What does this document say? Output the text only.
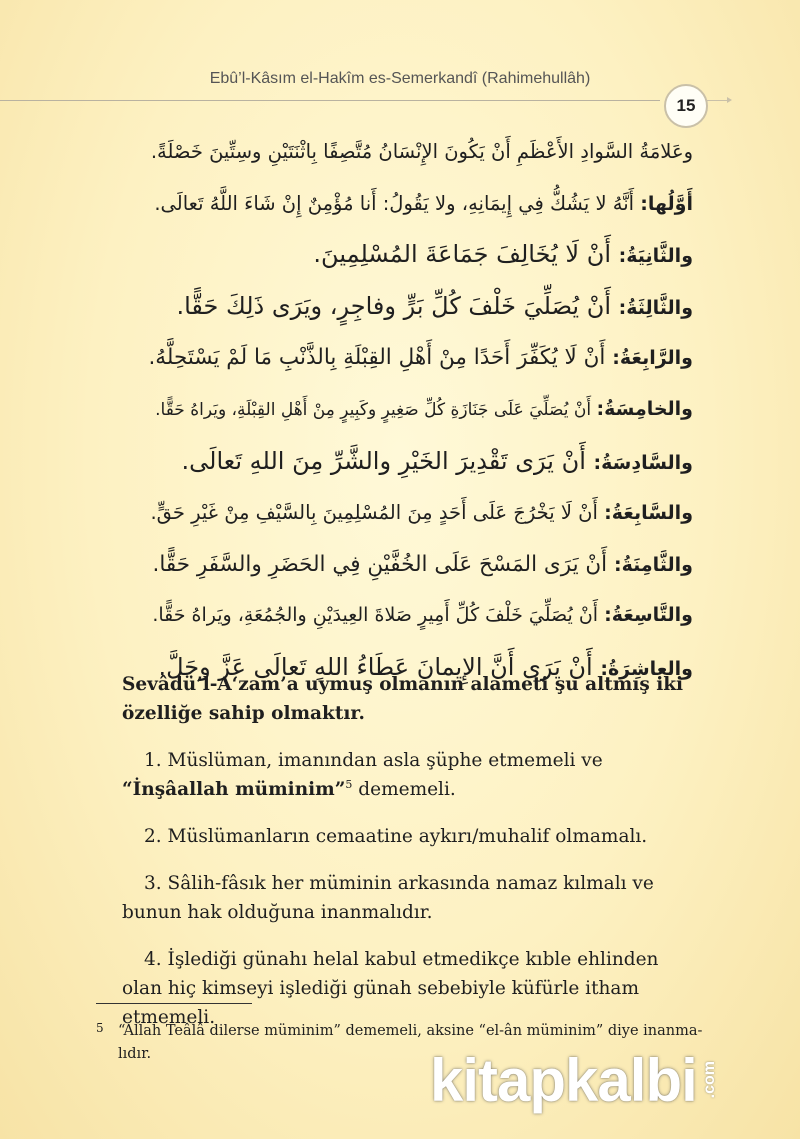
Ebû’l-Kâsım el-Hakîm es-Semerkandî (Rahimehullâh)
15
وعَلامَةُ السَّوادِ الأَعْظَمِ أَنْ يَكُونَ الإِنْسَانُ مُتَّصِفًا بِاثْنَتَيْنِ وسِتِّينَ خَصْلَةً.
أَوَّلُها: أَنَّهُ لا يَشُكُّ فِي إِيمَانِهِ، ولا يَقُولُ: أَنا مُؤْمِنٌ إِنْ شَاءَ اللَّهُ تَعالَى.
والثَّانِيَةُ: أَنْ لَا يُخَالِفَ جَمَاعَةَ المُسْلِمِينَ.
والثَّالِثَةُ: أَنْ يُصَلِّيَ خَلْفَ كُلِّ بَرٍّ وفاجِرٍ، ويَرَى ذَلِكَ حَقًّا.
والرَّابِعَةُ: أَنْ لَا يُكَفِّرَ أَحَدًا مِنْ أَهْلِ القِبْلَةِ بِالذَّنْبِ مَا لَمْ يَسْتَحِلَّهُ.
والخامِسَةُ: أَنْ يُصَلِّيَ عَلَى جَنَازَةِ كُلِّ صَغِيرٍ وكَبِيرٍ مِنْ أَهْلِ القِبْلَةِ، ويَراهُ حَقًّا.
والسَّادِسَةُ: أَنْ يَرَى تَقْدِيرَ الخَيْرِ والشَّرِّ مِنَ اللهِ تَعالَى.
والسَّابِعَةُ: أَنْ لَا يَخْرُجَ عَلَى أَحَدٍ مِنَ المُسْلِمِينَ بِالسَّيْفِ مِنْ غَيْرِ حَقٍّ.
والثَّامِنَةُ: أَنْ يَرَى المَسْحَ عَلَى الخُفَّيْنِ فِي الحَضَرِ والسَّفَرِ حَقًّا.
والتَّاسِعَةُ: أَنْ يُصَلِّيَ خَلْفَ كُلِّ أَمِيرٍ صَلاةَ العِيدَيْنِ والجُمُعَةِ، ويَراهُ حَقًّا.
والعاشِرَةُ: أَنْ يَرَى أَنَّ الإِيمانَ عَطَاءُ اللهِ تَعالَى عَزَّ وجَلَّ.

Sevâdü’l-A‘zam’a uymuş olmanın alameti şu altmış iki özelliğe sahip olmaktır.

1. Müslüman, imanından asla şüphe etmemeli ve “İnşâallah müminim”$^5$ dememeli.

2. Müslümanların cemaatine aykırı/muhalif olmamalı.

3. Sâlih-fâsık her müminin arkasında namaz kılmalı ve bunun hak olduğuna inanmalıdır.

4. İşlediği günahı helal kabul etmedikçe kıble ehlinden olan hiç kimseyi işlediği günah sebebiyle küfürle itham etmemeli.

5 “Allah Teâlâ dilerse müminim” dememeli, aksine “el-ân müminim” diye inanma-
lıdır.	kitapkalbi .com
